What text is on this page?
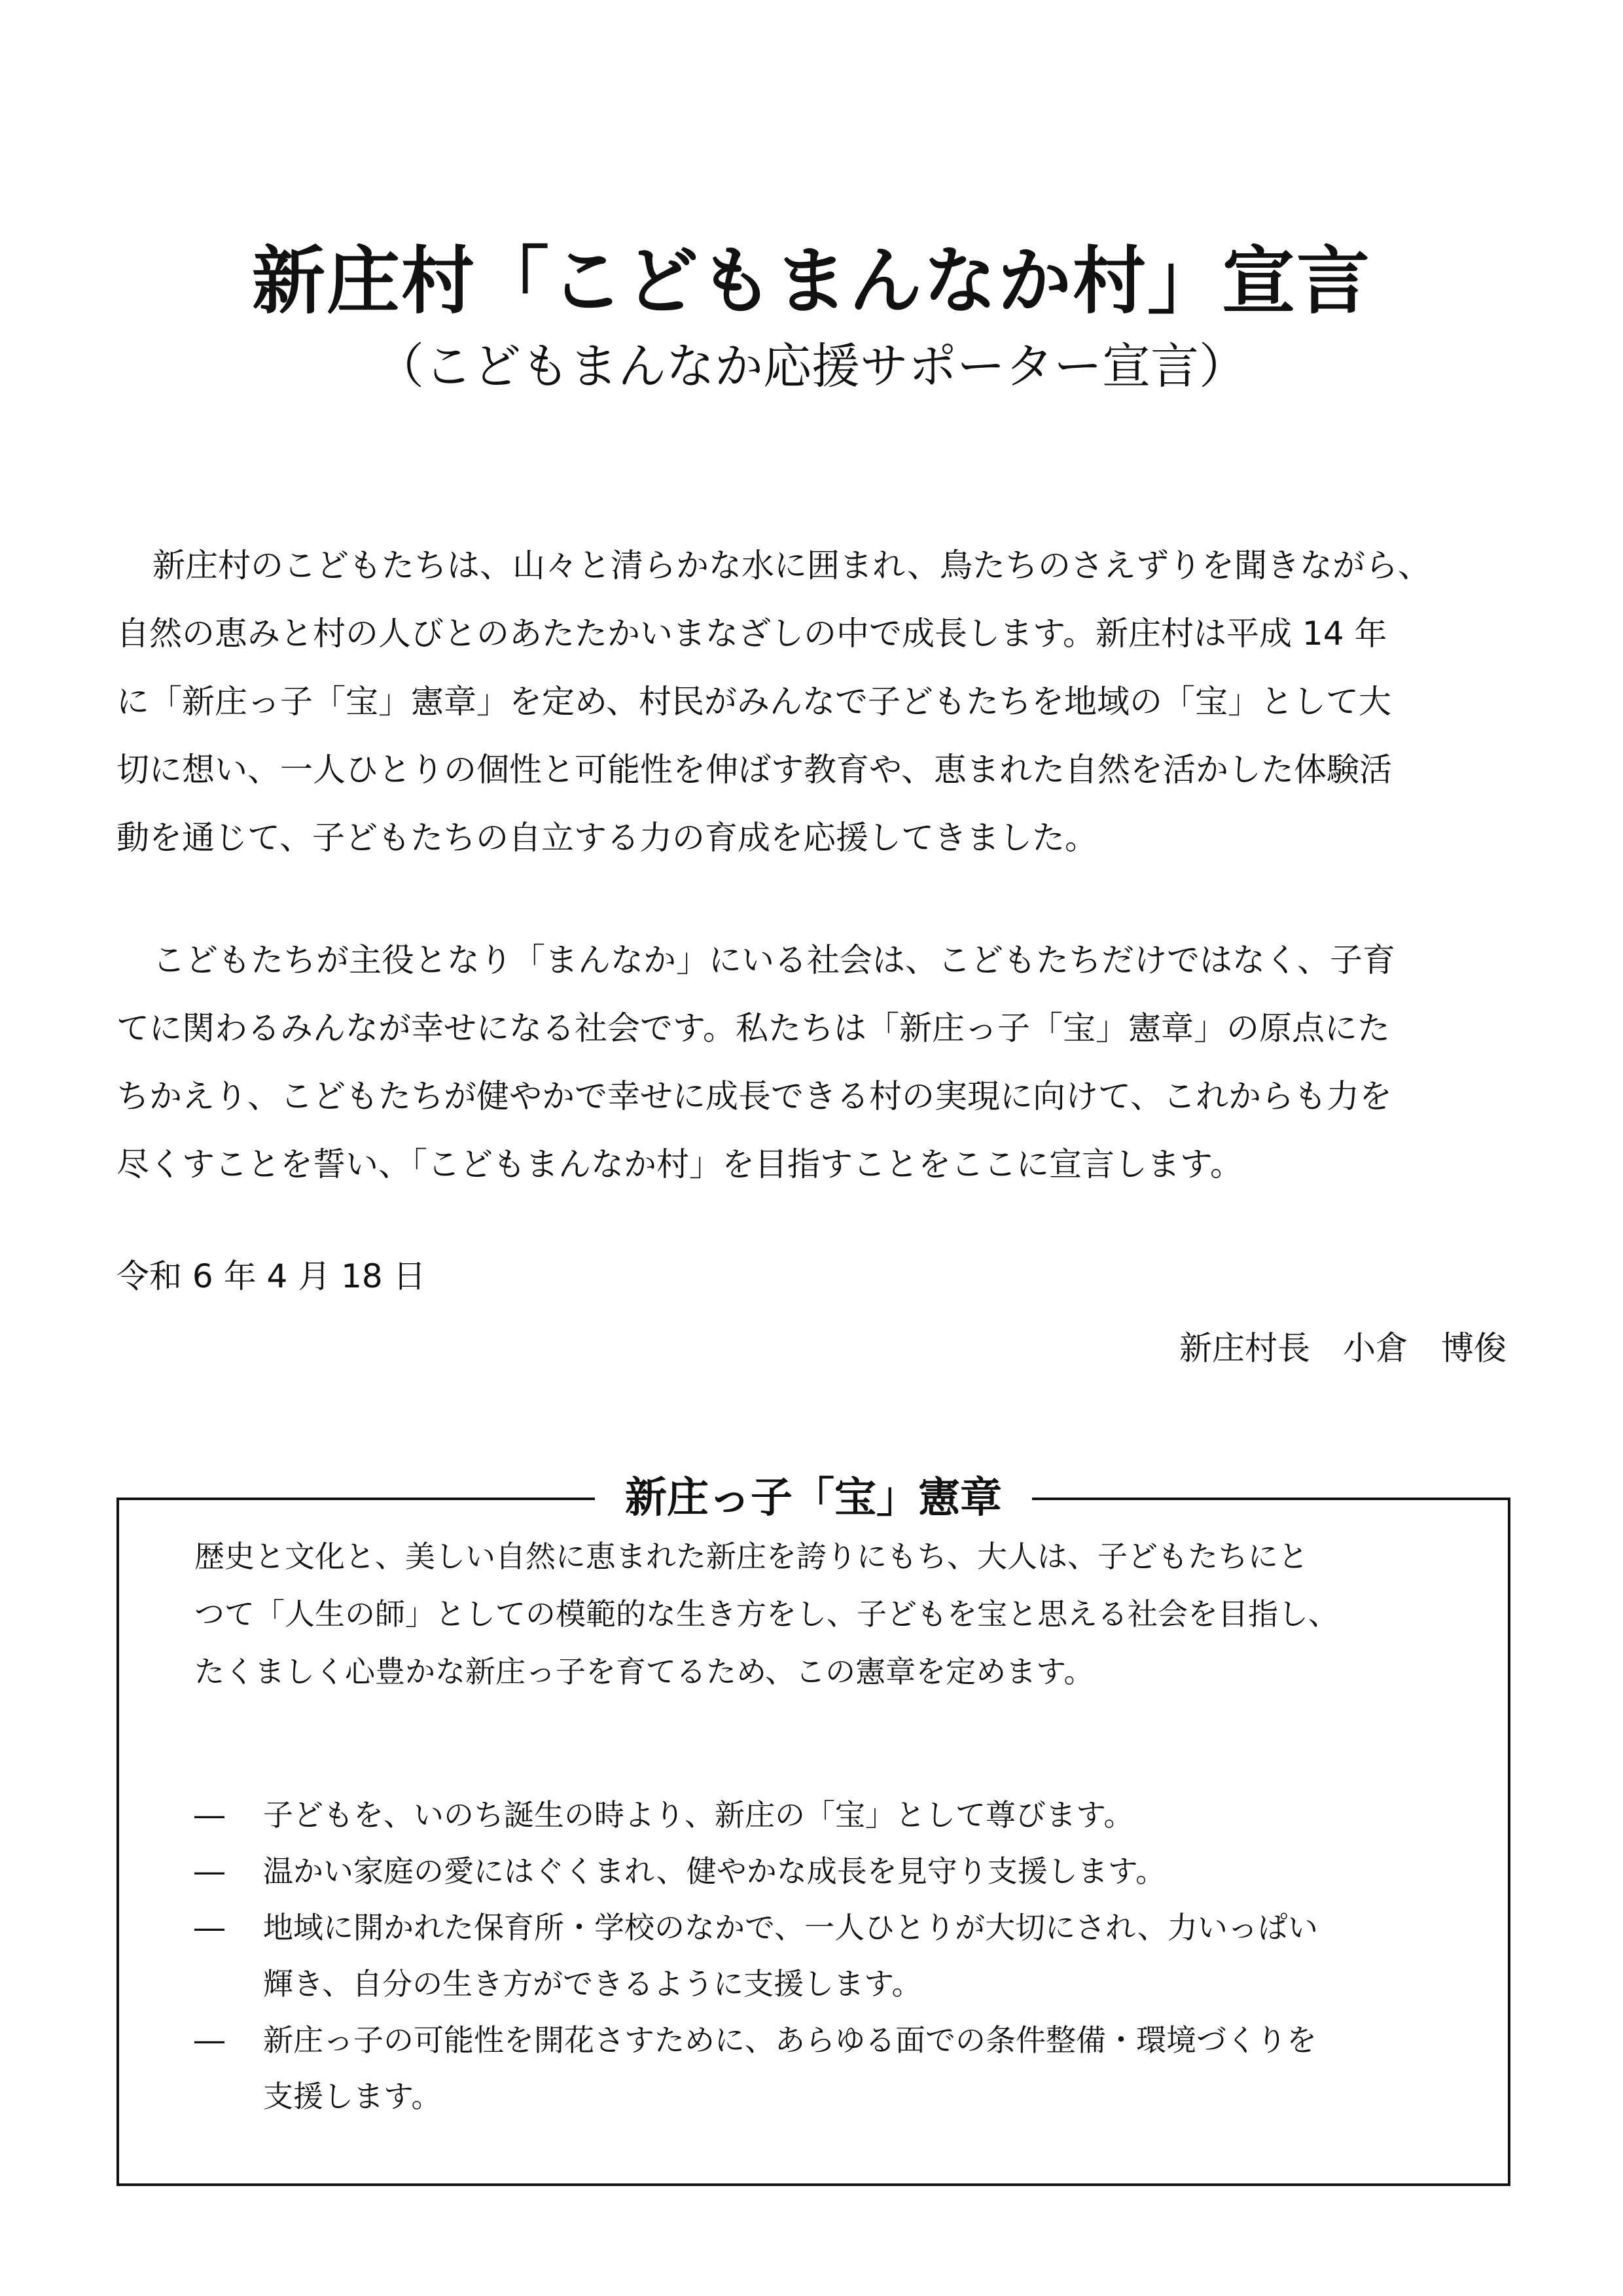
新庄村「こどもまんなか村」宣言
（こどもまんなか応援サポーター宣言）
新庄村のこどもたちは、山々と清らかな水に囲まれ、鳥たちのさえずりを聞きながら、
自然の恵みと村の人びとのあたたかいまなざしの中で成長します。新庄村は平成 14 年
に「新庄っ子「宝」憲章」を定め、村民がみんなで子どもたちを地域の「宝」として大
切に想い、一人ひとりの個性と可能性を伸ばす教育や、恵まれた自然を活かした体験活
動を通じて、子どもたちの自立する力の育成を応援してきました。
こどもたちが主役となり「まんなか」にいる社会は、こどもたちだけではなく、子育
てに関わるみんなが幸せになる社会です。私たちは「新庄っ子「宝」憲章」の原点にた
ちかえり、こどもたちが健やかで幸せに成長できる村の実現に向けて、これからも力を
尽くすことを誓い、「こどもまんなか村」を目指すことをここに宣言します。
令和 6 年 4 月 18 日
新庄村長　小倉　博俊
新庄っ子「宝」憲章
歴史と文化と、美しい自然に恵まれた新庄を誇りにもち、大人は、子どもたちにと
つて「人生の師」としての模範的な生き方をし、子どもを宝と思える社会を目指し、
たくましく心豊かな新庄っ子を育てるため、この憲章を定めます。
― 子どもを、いのち誕生の時より、新庄の「宝」として尊びます。
― 温かい家庭の愛にはぐくまれ、健やかな成長を見守り支援します。
― 地域に開かれた保育所・学校のなかで、一人ひとりが大切にされ、力いっぱい
輝き、自分の生き方ができるように支援します。
― 新庄っ子の可能性を開花さすために、あらゆる面での条件整備・環境づくりを
支援します。
